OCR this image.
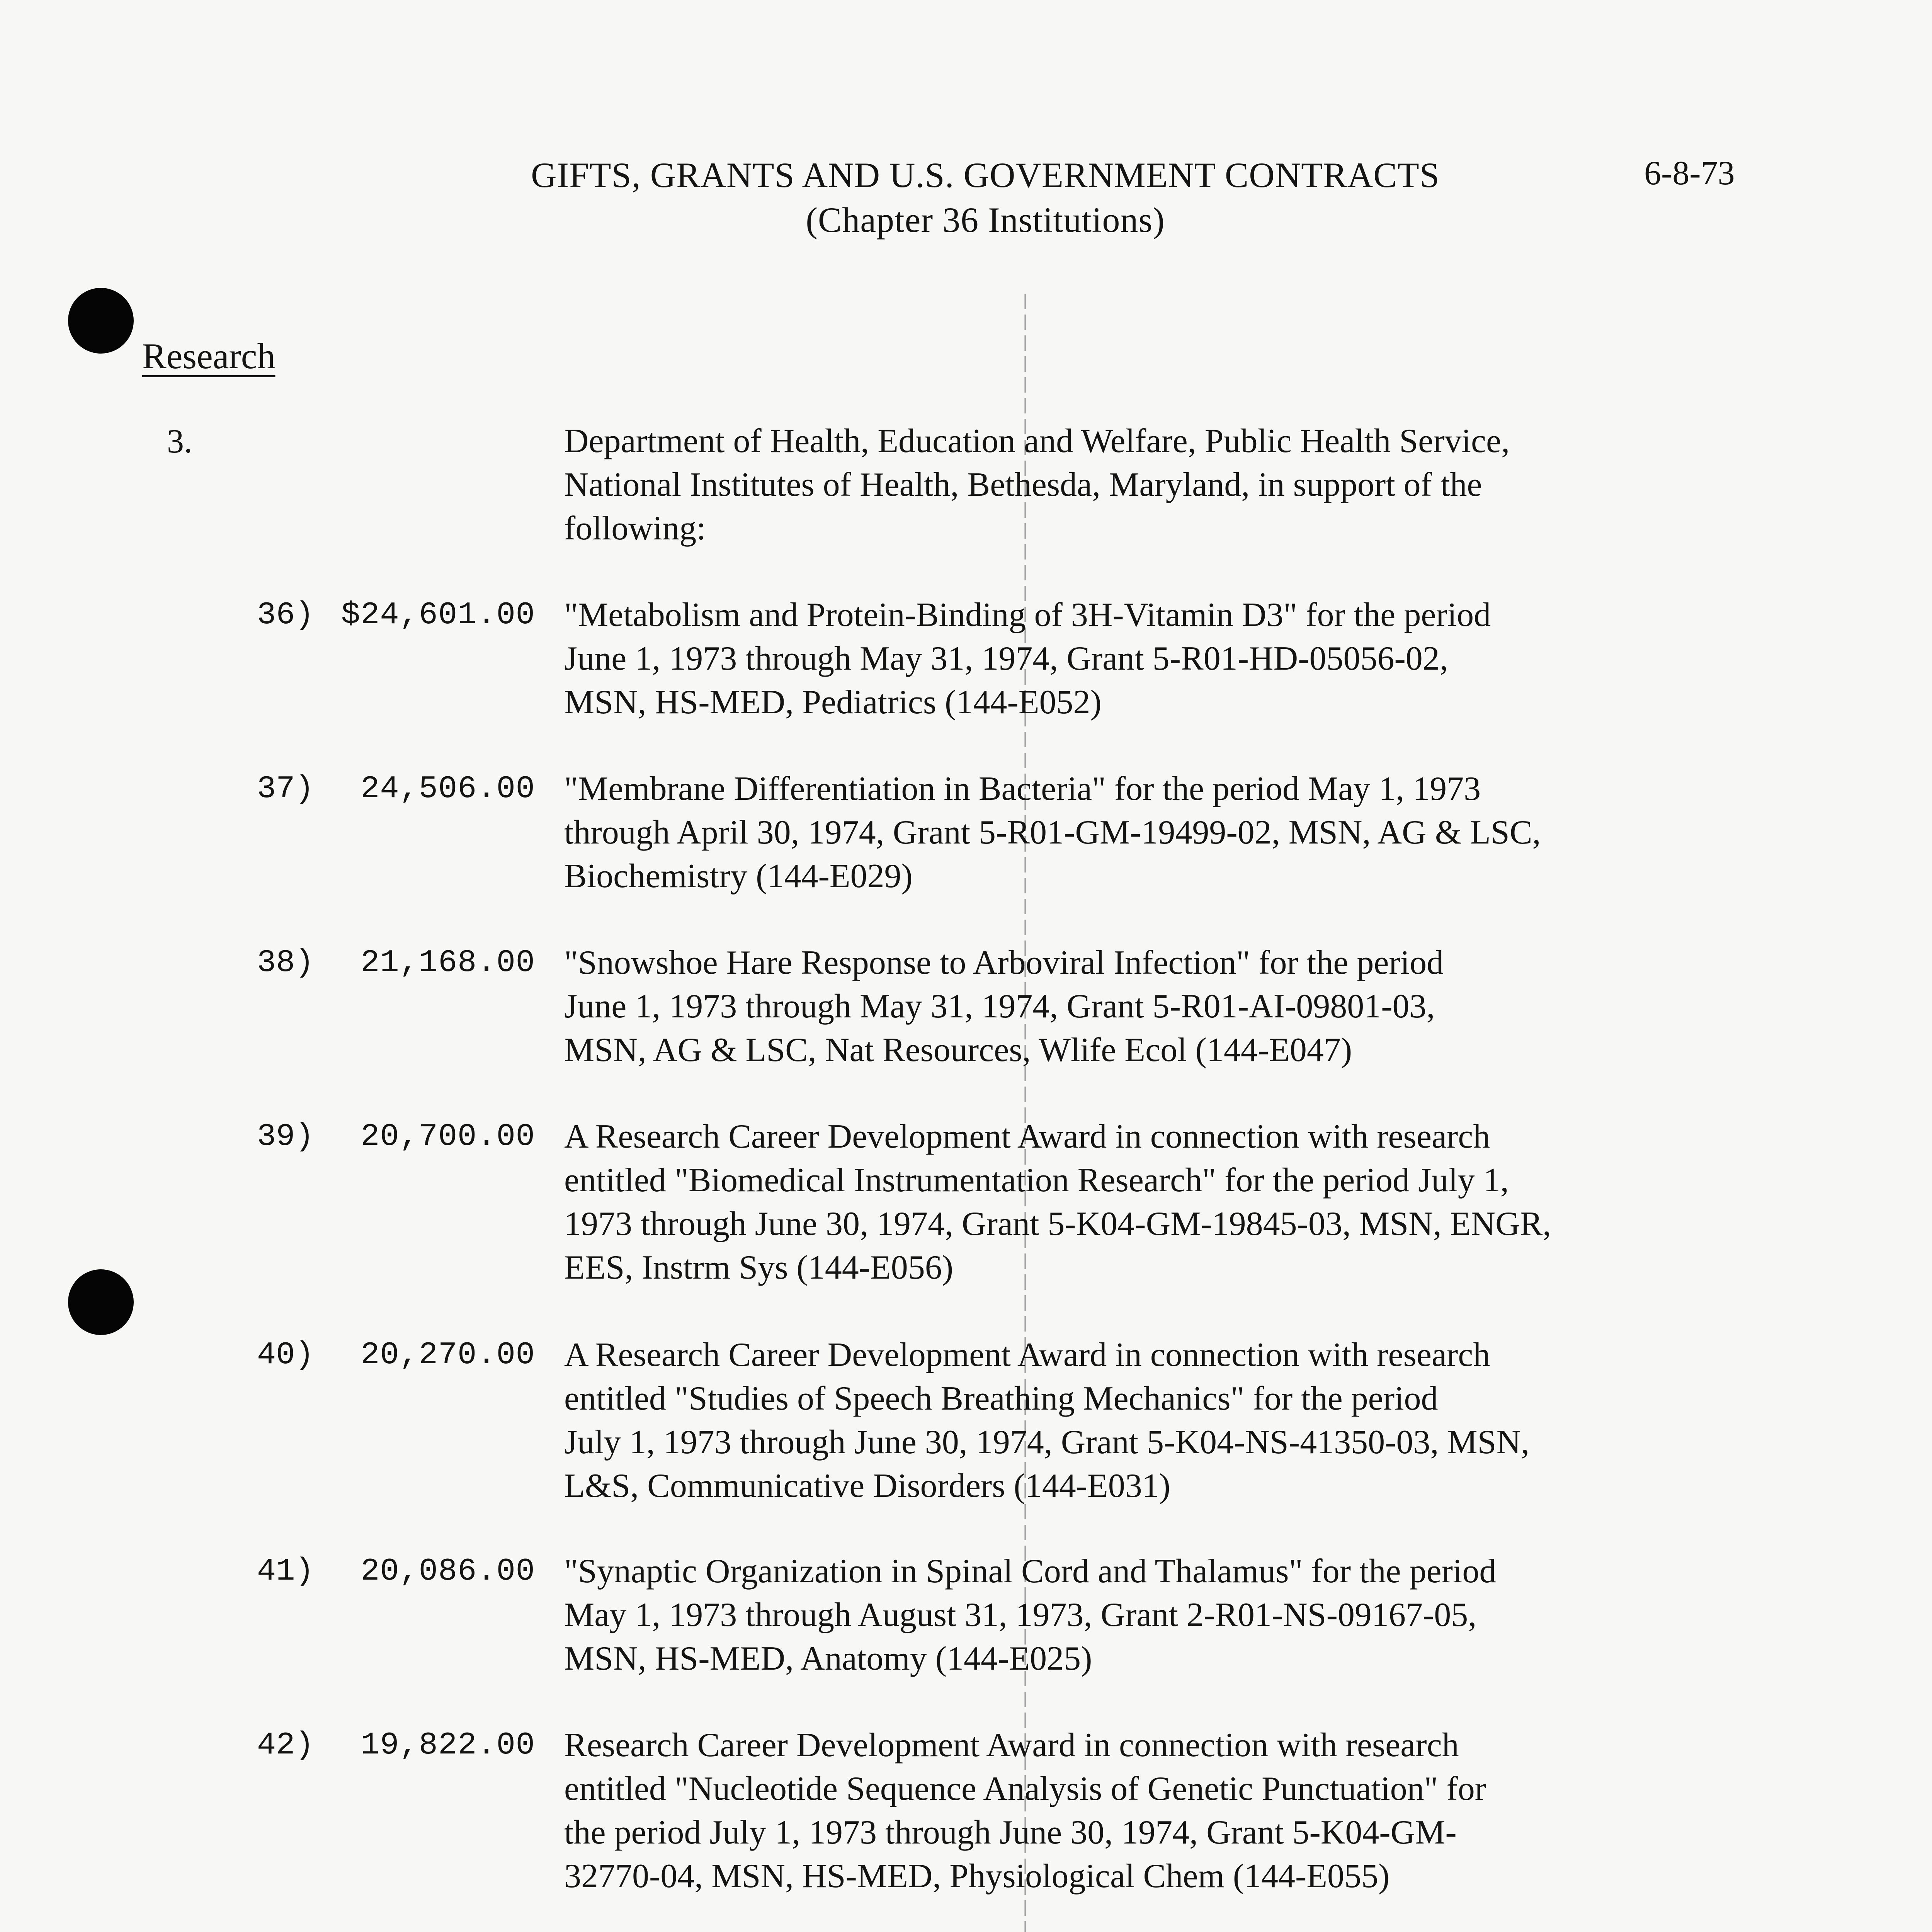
GIFTS, GRANTS AND U.S. GOVERNMENT CONTRACTS
(Chapter 36 Institutions)
6-8-73
Research
3.	Department of Health, Education and Welfare, Public Health Service,
National Institutes of Health, Bethesda, Maryland, in support of the
following:
36) $24,601.00 "Metabolism and Protein-Binding of 3H-Vitamin D3" for the period
June 1, 1973 through May 31, 1974, Grant 5-R01-HD-05056-02,
MSN, HS-MED, Pediatrics (144-E052)
37)	24,506.00 "Membrane Differentiation in Bacteria" for the period May 1, 1973
through April 30, 1974, Grant 5-R01-GM-19499-02, MSN, AG & LSC,
Biochemistry (144-E029)
38)	21,168.00 "Snowshoe Hare Response to Arboviral Infection" for the period
June 1, 1973 through May 31, 1974, Grant 5-R01-AI-09801-03,
MSN, AG & LSC, Nat Resources, Wlife Ecol (144-E047)
39)	20,700.00 A Research Career Development Award in connection with research
entitled "Biomedical Instrumentation Research" for the period July 1,
1973 through June 30, 1974, Grant 5-K04-GM-19845-03, MSN, ENGR,
EES, Instrm Sys (144-E056)
40)	20,270.00 A Research Career Development Award in connection with research
entitled "Studies of Speech Breathing Mechanics" for the period
July 1, 1973 through June 30, 1974, Grant 5-K04-NS-41350-03, MSN,
L&S, Communicative Disorders (144-E031)
41)	20,086.00 "Synaptic Organization in Spinal Cord and Thalamus" for the period
May 1, 1973 through August 31, 1973, Grant 2-R01-NS-09167-05,
MSN, HS-MED, Anatomy (144-E025)
42)	19,822.00 Research Career Development Award in connection with research
entitled "Nucleotide Sequence Analysis of Genetic Punctuation" for
the period July 1, 1973 through June 30, 1974, Grant 5-K04-GM-
32770-04, MSN, HS-MED, Physiological Chem (144-E055)
